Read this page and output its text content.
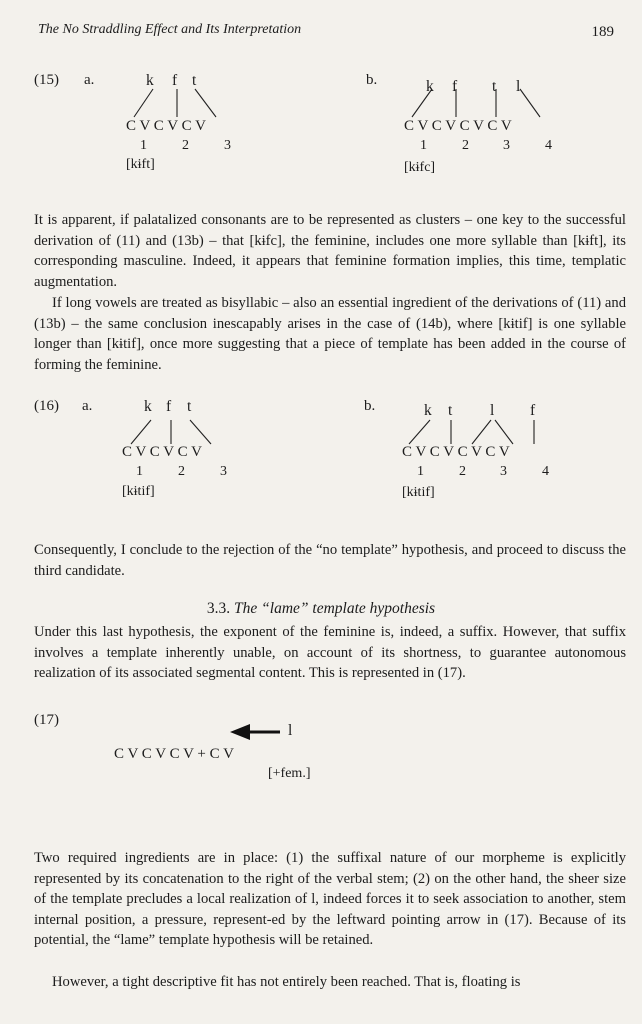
The No Straddling Effect and Its Interpretation	189
(15) a.	k f t
C V C V C V
1	2	3
[kɨft]
b.	k f t l
C V C V C V C V
1	2 3	4
[kɨfc]

It is apparent, if palatalized consonants are to be represented as clusters – one key to the successful derivation of (11) and (13b) – that [kɨfc], the feminine, includes one more syllable than [kɨft], its corresponding masculine. Indeed, it appears that feminine formation implies, this time, templatic augmentation.

If long vowels are treated as bisyllabic – also an essential ingredient of the derivations of (11) and (13b) – the same conclusion inescapably arises in the case of (14b), where [kɨtif] is one syllable longer than [kɨtif], once more suggesting that a piece of template has been added in the course of forming the feminine.

(16) a.	k f t
C V C V C V
1	2	3
[kɨtif]
b.	k t l f
C V C V C V C V
1	2 3	4
[kɨtif]

Consequently, I conclude to the rejection of the “no template” hypothesis, and proceed to discuss the third candidate.

3.3. The “lame” template hypothesis

Under this last hypothesis, the exponent of the feminine is, indeed, a suffix. However, that suffix involves a template inherently unable, on account of its shortness, to guarantee autonomous realization of its associated segmental content. This is represented in (17).

(17)
l
C V C V C V + C V
[+fem.]

Two required ingredients are in place: (1) the suffixal nature of our morpheme is explicitly represented by its concatenation to the right of the verbal stem; (2) on the other hand, the sheer size of the template precludes a local realization of l, indeed forces it to seek association to another, stem internal position, a pressure, represent-ed by the leftward pointing arrow in (17). Because of its potential, the “lame” template hypothesis will be retained.

However, a tight descriptive fit has not entirely been reached. That is, floating is
